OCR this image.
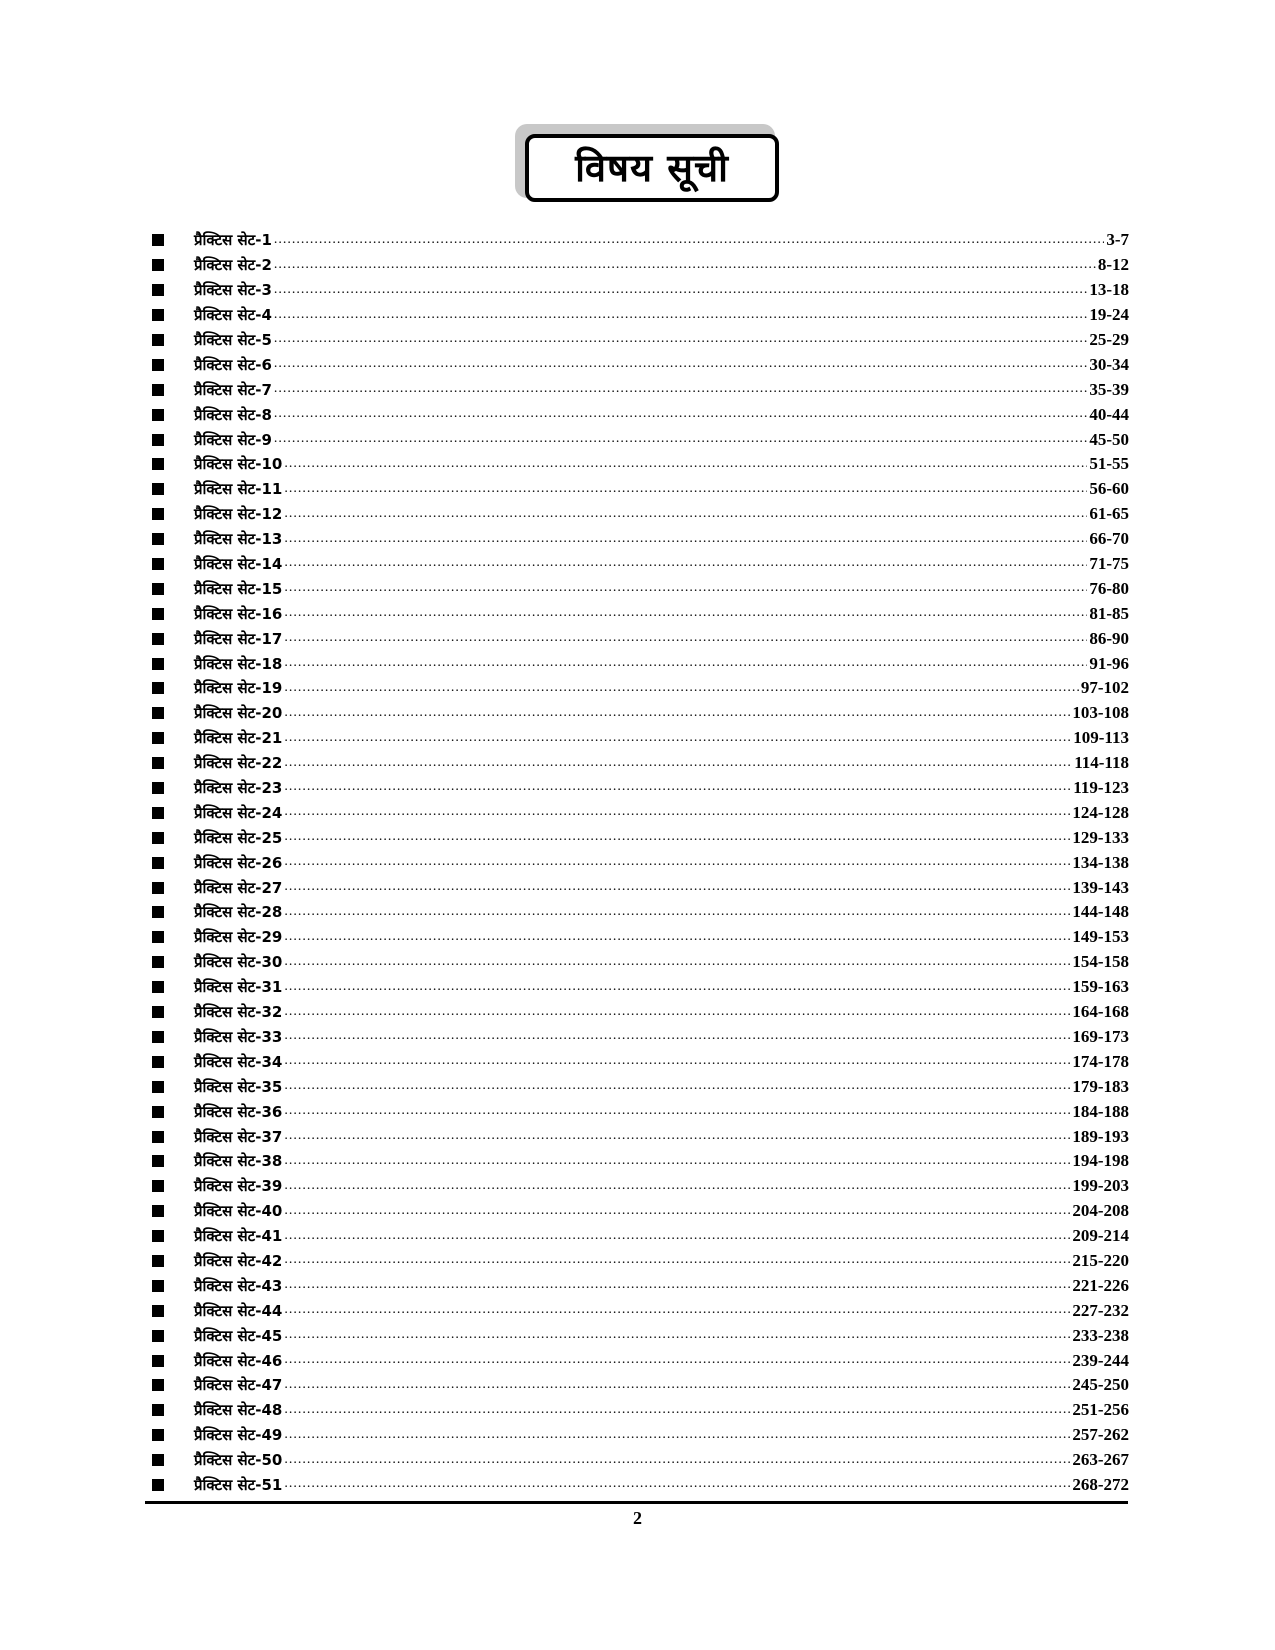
विषय सूची
प्रैक्टिस सेट-1 .....	3-7
प्रैक्टिस सेट-2 .....	8-12
प्रैक्टिस सेट-3 .....	13-18
प्रैक्टिस सेट-4 .....	19-24
प्रैक्टिस सेट-5 .....	25-29
प्रैक्टिस सेट-6 .....	30-34
प्रैक्टिस सेट-7 .....	35-39
प्रैक्टिस सेट-8 .....	40-44
प्रैक्टिस सेट-9 .....	45-50
प्रैक्टिस सेट-10 .....	51-55
प्रैक्टिस सेट-11 .....	56-60
प्रैक्टिस सेट-12 .....	61-65
प्रैक्टिस सेट-13 .....	66-70
प्रैक्टिस सेट-14 .....	71-75
प्रैक्टिस सेट-15 .....	76-80
प्रैक्टिस सेट-16 .....	81-85
प्रैक्टिस सेट-17 .....	86-90
प्रैक्टिस सेट-18 .....	91-96
प्रैक्टिस सेट-19 .....	97-102
प्रैक्टिस सेट-20 .....	103-108
प्रैक्टिस सेट-21 .....	109-113
प्रैक्टिस सेट-22 .....	114-118
प्रैक्टिस सेट-23 .....	119-123
प्रैक्टिस सेट-24 .....	124-128
प्रैक्टिस सेट-25 .....	129-133
प्रैक्टिस सेट-26 .....	134-138
प्रैक्टिस सेट-27 .....	139-143
प्रैक्टिस सेट-28 .....	144-148
प्रैक्टिस सेट-29 .....	149-153
प्रैक्टिस सेट-30 .....	154-158
प्रैक्टिस सेट-31 .....	159-163
प्रैक्टिस सेट-32 .....	164-168
प्रैक्टिस सेट-33 .....	169-173
प्रैक्टिस सेट-34 .....	174-178
प्रैक्टिस सेट-35 .....	179-183
प्रैक्टिस सेट-36 .....	184-188
प्रैक्टिस सेट-37 .....	189-193
प्रैक्टिस सेट-38 .....	194-198
प्रैक्टिस सेट-39 .....	199-203
प्रैक्टिस सेट-40 .....	204-208
प्रैक्टिस सेट-41 .....	209-214
प्रैक्टिस सेट-42 .....	215-220
प्रैक्टिस सेट-43 .....	221-226
प्रैक्टिस सेट-44 .....	227-232
प्रैक्टिस सेट-45 .....	233-238
प्रैक्टिस सेट-46 .....	239-244
प्रैक्टिस सेट-47 .....	245-250
प्रैक्टिस सेट-48 .....	251-256
प्रैक्टिस सेट-49 .....	257-262
प्रैक्टिस सेट-50 .....	263-267
प्रैक्टिस सेट-51 .....	268-272
2
